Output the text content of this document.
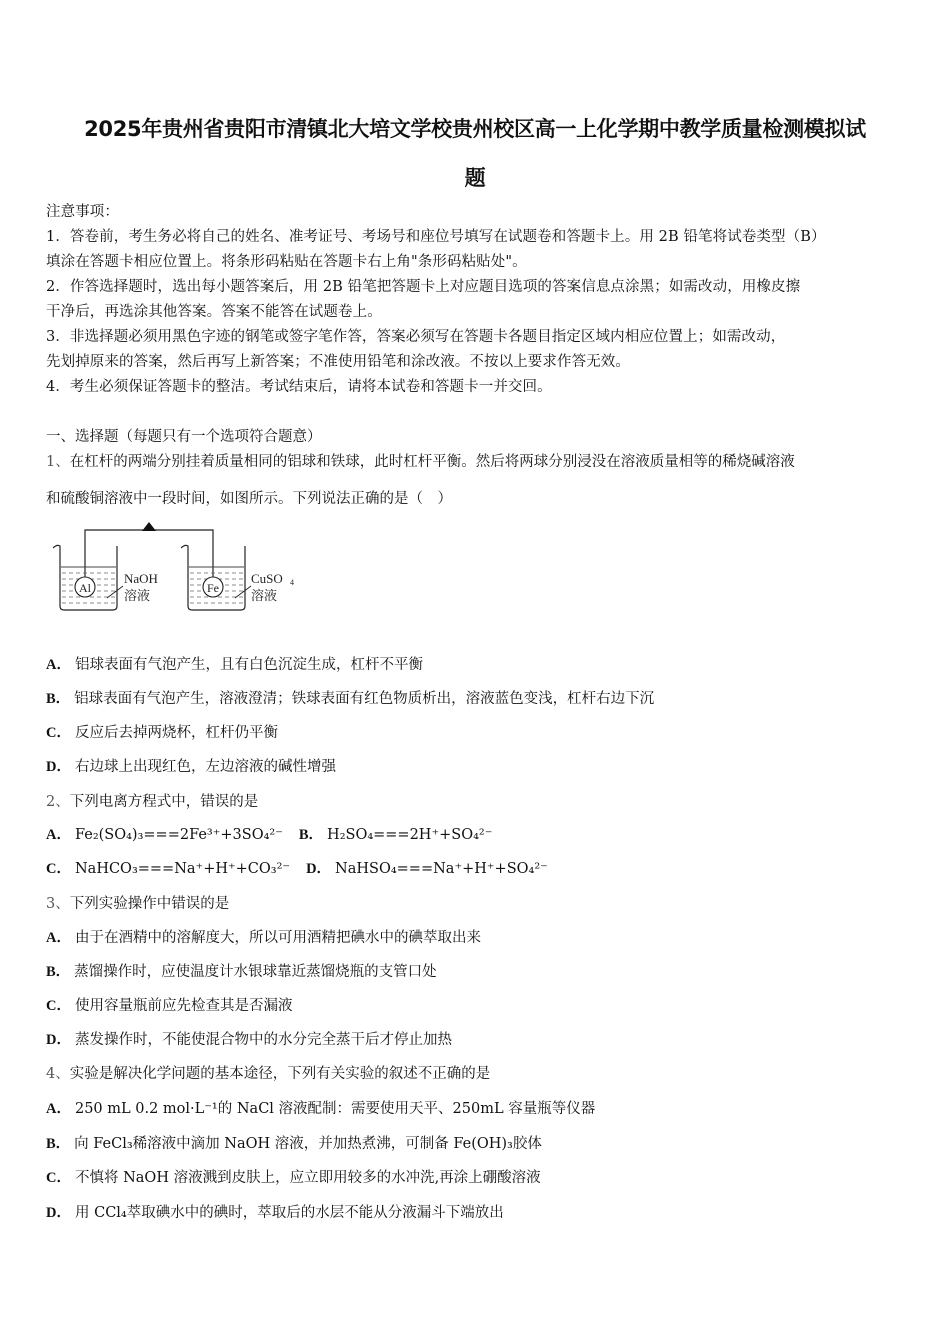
2025年贵州省贵阳市清镇北大培文学校贵州校区高一上化学期中教学质量检测模拟试
题
注意事项：
1．答卷前，考生务必将自己的姓名、准考证号、考场号和座位号填写在试题卷和答题卡上。用 2B 铅笔将试卷类型（B）
填涂在答题卡相应位置上。将条形码粘贴在答题卡右上角"条形码粘贴处"。
2．作答选择题时，选出每小题答案后，用 2B 铅笔把答题卡上对应题目选项的答案信息点涂黑；如需改动，用橡皮擦
干净后，再选涂其他答案。答案不能答在试题卷上。
3．非选择题必须用黑色字迹的钢笔或签字笔作答，答案必须写在答题卡各题目指定区域内相应位置上；如需改动，
先划掉原来的答案，然后再写上新答案；不准使用铅笔和涂改液。不按以上要求作答无效。
4．考生必须保证答题卡的整洁。考试结束后，请将本试卷和答题卡一并交回。
一、选择题（每题只有一个选项符合题意）
1、在杠杆的两端分别挂着质量相同的铝球和铁球，此时杠杆平衡。然后将两球分别浸没在溶液质量相等的稀烧碱溶液
和硫酸铜溶液中一段时间，如图所示。下列说法正确的是（　）
Al
NaOH
溶液	Fe
CuSO 4
溶液
A． 铝球表面有气泡产生，且有白色沉淀生成，杠杆不平衡
B． 铝球表面有气泡产生，溶液澄清；铁球表面有红色物质析出，溶液蓝色变浅，杠杆右边下沉
C． 反应后去掉两烧杯，杠杆仍平衡
D． 右边球上出现红色，左边溶液的碱性增强
2、下列电离方程式中，错误的是
A． Fe₂(SO₄)₃===2Fe³⁺+3SO₄²⁻ B． H₂SO₄===2H⁺+SO₄²⁻
C． NaHCO₃===Na⁺+H⁺+CO₃²⁻ D． NaHSO₄===Na⁺+H⁺+SO₄²⁻
3、下列实验操作中错误的是
A． 由于在酒精中的溶解度大，所以可用酒精把碘水中的碘萃取出来
B． 蒸馏操作时，应使温度计水银球靠近蒸馏烧瓶的支管口处
C． 使用容量瓶前应先检查其是否漏液
D． 蒸发操作时，不能使混合物中的水分完全蒸干后才停止加热
4、实验是解决化学问题的基本途径，下列有关实验的叙述不正确的是
A． 250 mL 0.2 mol·L⁻¹的 NaCl 溶液配制：需要使用天平、250mL 容量瓶等仪器
B． 向 FeCl₃稀溶液中滴加 NaOH 溶液，并加热煮沸，可制备 Fe(OH)₃胶体
C． 不慎将 NaOH 溶液溅到皮肤上，应立即用较多的水冲洗,再涂上硼酸溶液
D． 用 CCl₄萃取碘水中的碘时，萃取后的水层不能从分液漏斗下端放出
